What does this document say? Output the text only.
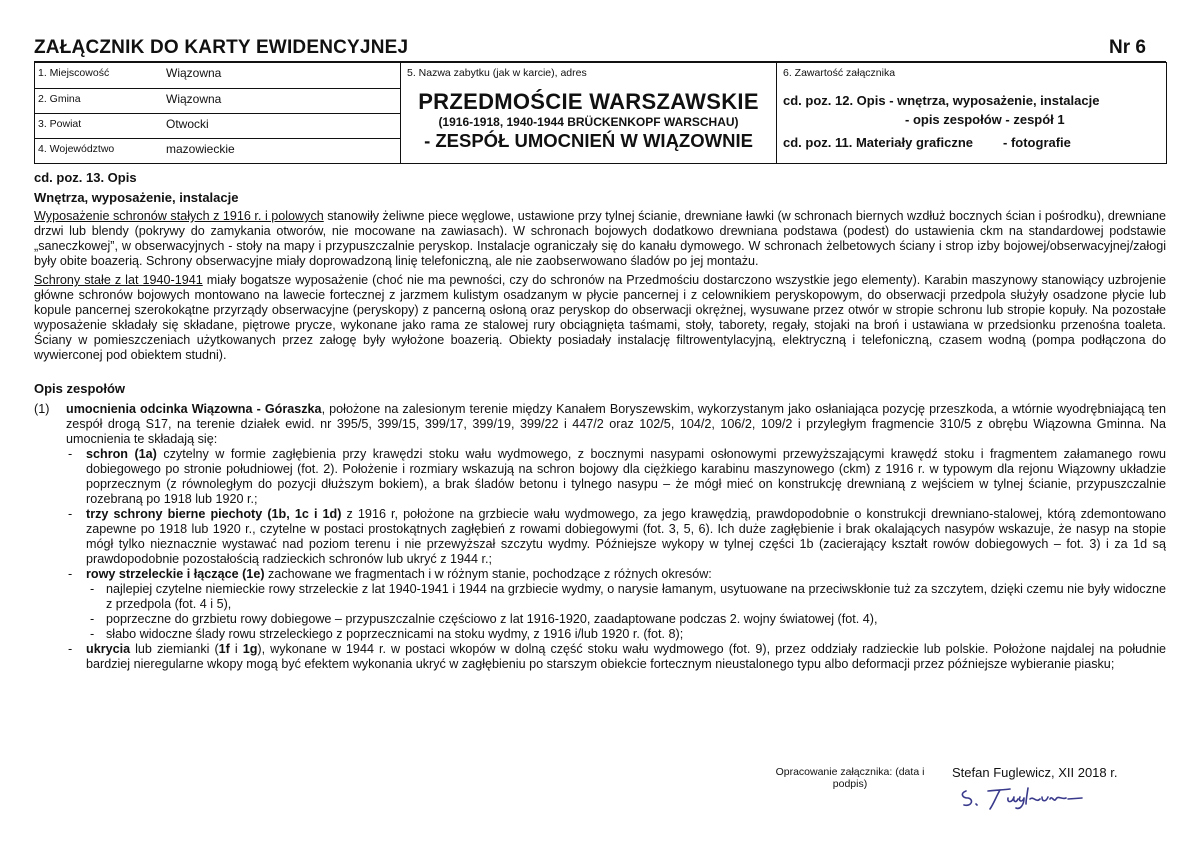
ZAŁĄCZNIK DO KARTY EWIDENCYJNEJ	Nr 6
1. Miejscowość	Wiązowna
2. Gmina	Wiązowna
3. Powiat	Otwocki
4. Województwo	mazowieckie

5. Nazwa zabytku (jak w karcie), adres
PRZEDMOŚCIE WARSZAWSKIE
(1916-1918, 1940-1944 BRÜCKENKOPF WARSCHAU)
- ZESPÓŁ UMOCNIEŃ W WIĄZOWNIE

6. Zawartość załącznika
cd. poz. 12. Opis - wnętrza, wyposażenie, instalacje
- opis zespołów - zespół 1
cd. poz. 11. Materiały graficzne - fotografie
cd. poz. 13. Opis
Wnętrza, wyposażenie, instalacje

Wyposażenie schronów stałych z 1916 r. i polowych stanowiły żeliwne piece węglowe, ustawione przy tylnej ścianie, drewniane ławki (w schronach biernych wzdłuż bocznych ścian i pośrodku), drewniane drzwi lub blendy (pokrywy do zamykania otworów, nie mocowane na zawiasach). W schronach bojowych dodatkowo drewniana podstawa (podest) do ustawienia ckm na standardowej podstawie „saneczkowej”, w obserwacyjnych - stoły na mapy i przypuszczalnie peryskop. Instalacje ograniczały się do kanału dymowego. W schronach żelbetowych ściany i strop izby bojowej/obserwacyjnej/załogi były obite boazerią. Schrony obserwacyjne miały doprowadzoną linię telefoniczną, ale nie zaobserwowano śladów po jej montażu.

Schrony stałe z lat 1940-1941 miały bogatsze wyposażenie (choć nie ma pewności, czy do schronów na Przedmościu dostarczono wszystkie jego elementy). Karabin maszynowy stanowiący uzbrojenie główne schronów bojowych montowano na lawecie fortecznej z jarzmem kulistym osadzanym w płycie pancernej i z celownikiem peryskopowym, do obserwacji przedpola służyły osadzone płycie lub kopule pancernej szerokokątne przyrządy obserwacyjne (peryskopy) z pancerną osłoną oraz peryskop do obserwacji okrężnej, wysuwane przez otwór w stropie schronu lub stropie kopuły. Na pozostałe wyposażenie składały się składane, piętrowe prycze, wykonane jako rama ze stalowej rury obciągnięta taśmami, stoły, taborety, regały, stojaki na broń i ustawiana w przedsionku przenośna toaleta. Ściany w pomieszczeniach użytkowanych przez załogę były wyłożone boazerią. Obiekty posiadały instalację filtrowentylacyjną, elektryczną i telefoniczną, czasem wodną (pompa podłączona do wywierconej pod obiektem studni).

Opis zespołów
(1)	umocnienia odcinka Wiązowna - Góraszka, położone na zalesionym terenie między Kanałem Boryszewskim, wykorzystanym jako osłaniająca pozycję przeszkoda, a wtórnie wyodrębniającą ten zespół drogą S17, na terenie działek ewid. nr 395/5, 399/15, 399/17, 399/19, 399/22 i 447/2 oraz 102/5, 104/2, 106/2, 109/2 i przyległym fragmencie 310/5 z obrębu Wiązowna Gminna. Na umocnienia te składają się:
-	schron (1a) czytelny w formie zagłębienia przy krawędzi stoku wału wydmowego, z bocznymi nasypami osłonowymi przewyższającymi krawędź stoku i fragmentem załamanego rowu dobiegowego po stronie południowej (fot. 2). Położenie i rozmiary wskazują na schron bojowy dla ciężkiego karabinu maszynowego (ckm) z 1916 r. w typowym dla rejonu Wiązowny układzie poprzecznym (z równoległym do pozycji dłuższym bokiem), a brak śladów betonu i tylnego nasypu – że mógł mieć on konstrukcję drewnianą z wejściem w tylnej ścianie, przypuszczalnie rozebraną po 1918 lub 1920 r.;
-	trzy schrony bierne piechoty (1b, 1c i 1d) z 1916 r, położone na grzbiecie wału wydmowego, za jego krawędzią, prawdopodobnie o konstrukcji drewniano-stalowej, którą zdemontowano zapewne po 1918 lub 1920 r., czytelne w postaci prostokątnych zagłębień z rowami dobiegowymi (fot. 3, 5, 6). Ich duże zagłębienie i brak okalających nasypów wskazuje, że nasyp na stopie mógł tylko nieznacznie wystawać nad poziom terenu i nie przewyższał szczytu wydmy. Późniejsze wykopy w tylnej części 1b (zacierający kształt rowów dobiegowych – fot. 3) i za 1d są prawdopodobnie pozostałością radzieckich schronów lub ukryć z 1944 r.;
-	rowy strzeleckie i łączące (1e) zachowane we fragmentach i w różnym stanie, pochodzące z różnych okresów:
- najlepiej czytelne niemieckie rowy strzeleckie z lat 1940-1941 i 1944 na grzbiecie wydmy, o narysie łamanym, usytuowane na przeciwskłonie tuż za szczytem, dzięki czemu nie były widoczne z przedpola (fot. 4 i 5),
- poprzeczne do grzbietu rowy dobiegowe – przypuszczalnie częściowo z lat 1916-1920, zaadaptowane podczas 2. wojny światowej (fot. 4),
- słabo widoczne ślady rowu strzeleckiego z poprzecznicami na stoku wydmy, z 1916 i/lub 1920 r. (fot. 8);
-	ukrycia lub ziemianki (1f i 1g), wykonane w 1944 r. w postaci wkopów w dolną część stoku wału wydmowego (fot. 9), przez oddziały radzieckie lub polskie. Położone najdalej na południe bardziej nieregularne wkopy mogą być efektem wykonania ukryć w zagłębieniu po starszym obiekcie fortecznym nieustalonego typu albo deformacji przez późniejsze wybieranie piasku;
Opracowanie załącznika: (data i podpis)
Stefan Fuglewicz, XII 2018 r.
